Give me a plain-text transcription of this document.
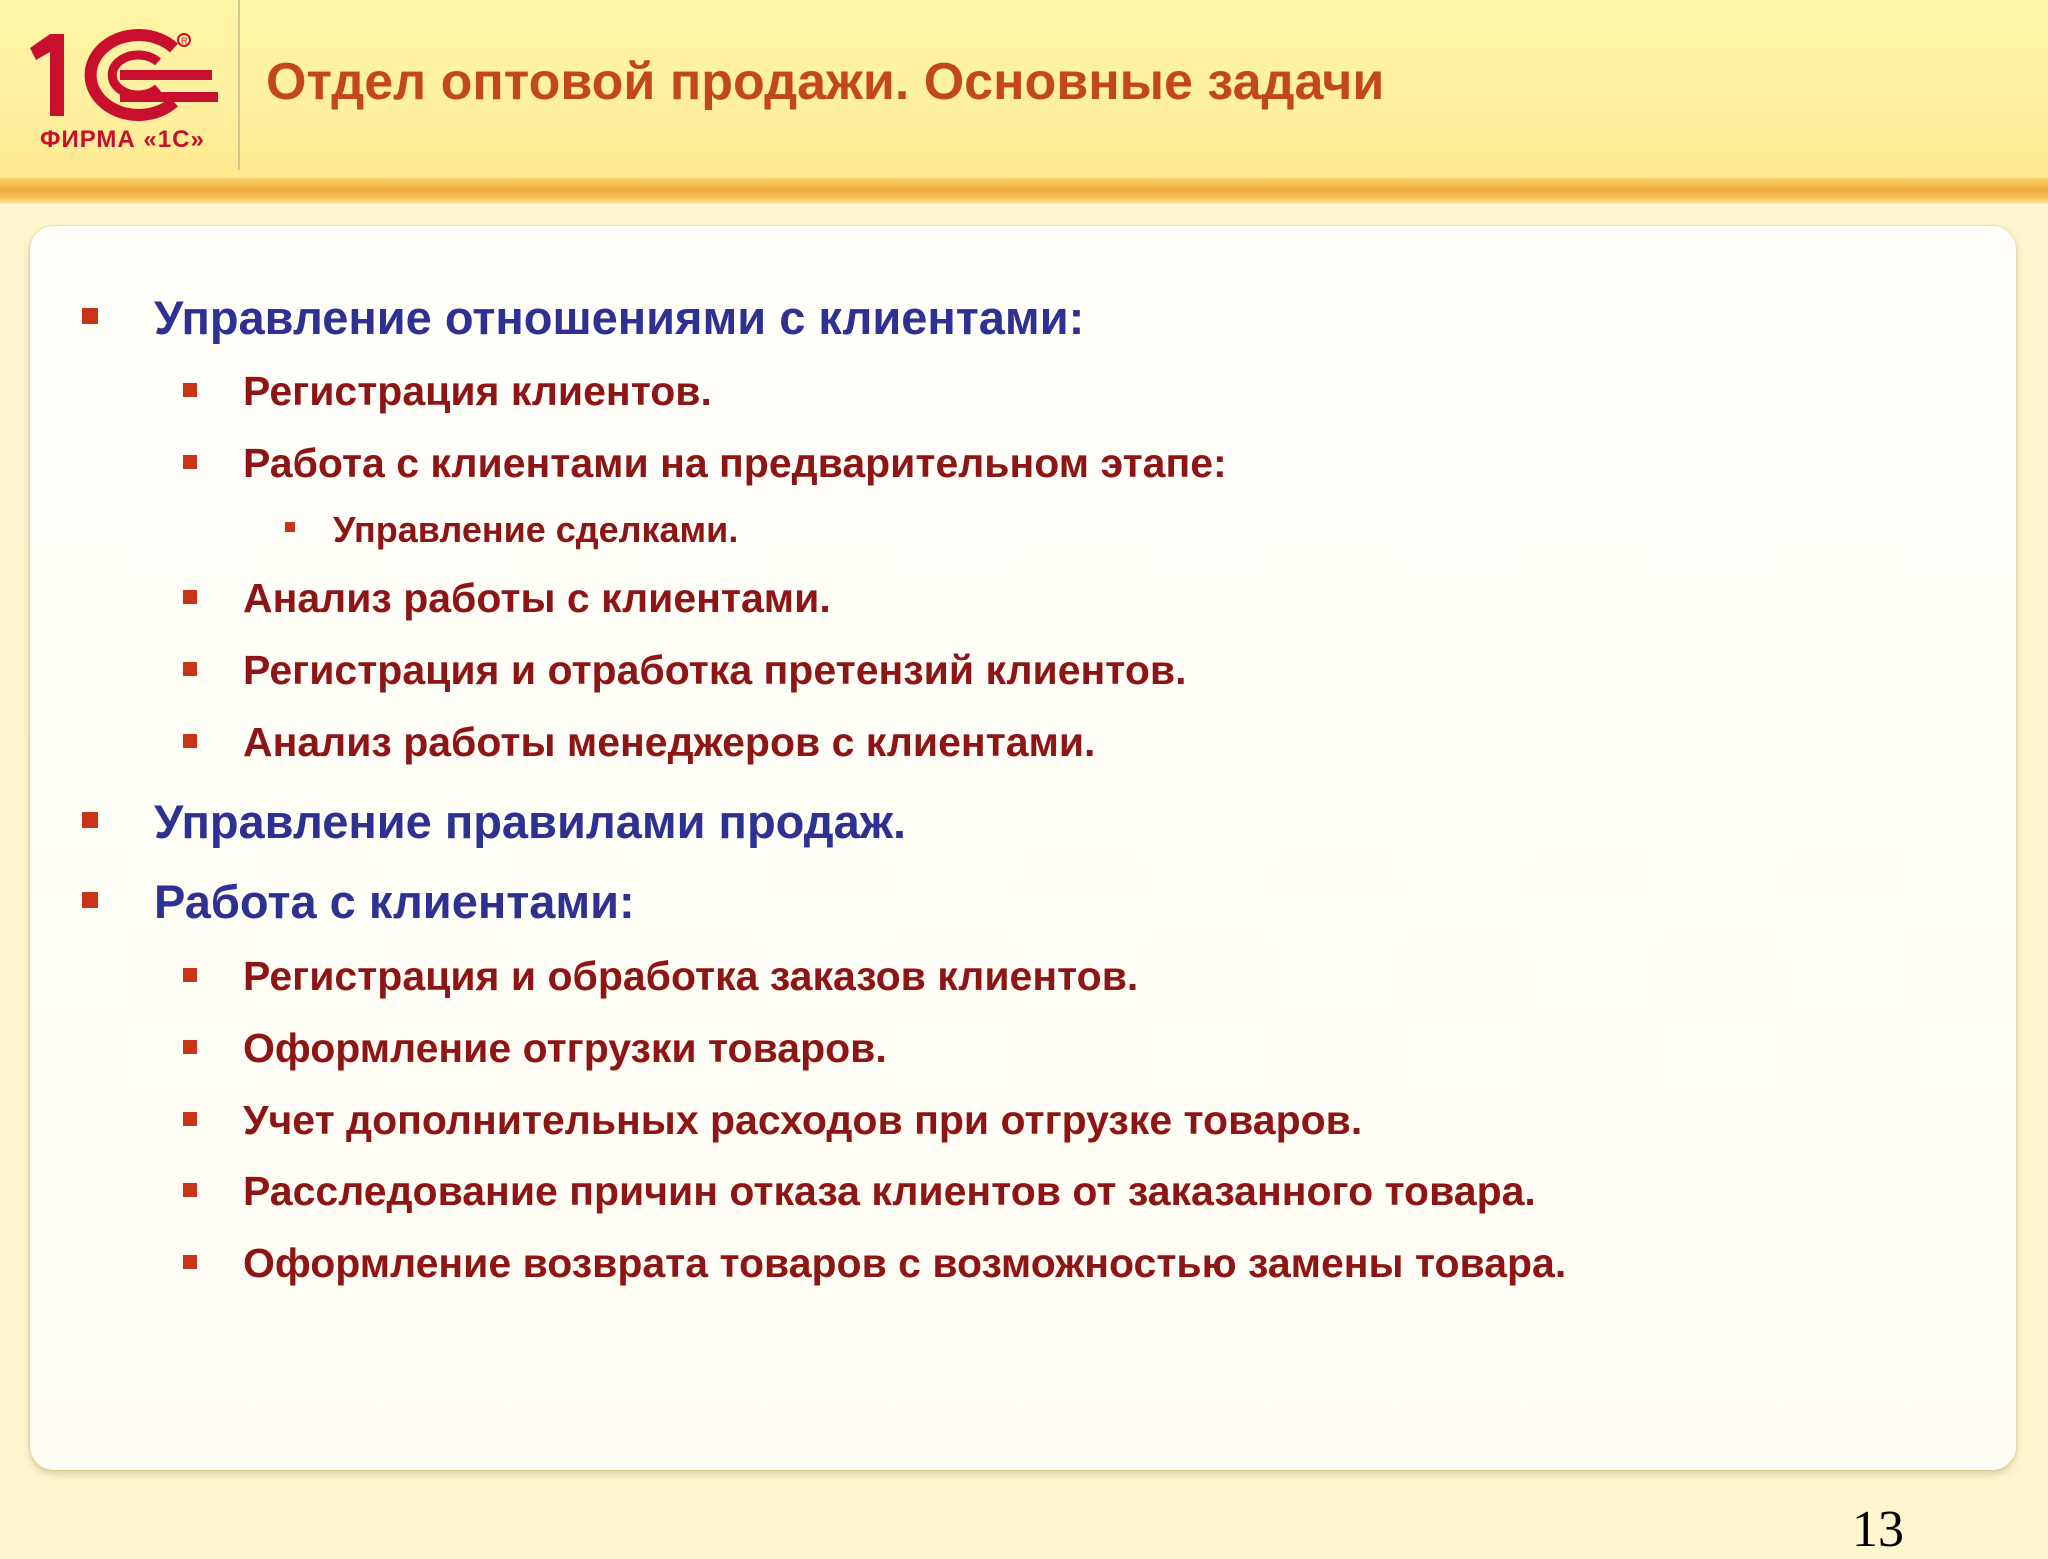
R
ФИРМА «1С»
Отдел оптовой продажи. Основные задачи
Управление отношениями с клиентами:
Регистрация клиентов.
Работа с клиентами на предварительном этапе:
Управление сделками.
Анализ работы с клиентами.
Регистрация и отработка претензий клиентов.
Анализ работы менеджеров с клиентами.
Управление правилами продаж.
Работа с клиентами:
Регистрация и обработка заказов клиентов.
Оформление отгрузки товаров.
Учет дополнительных расходов при отгрузке товаров.
Расследование причин отказа клиентов от заказанного товара.
Оформление возврата товаров с возможностью замены товара.
13
